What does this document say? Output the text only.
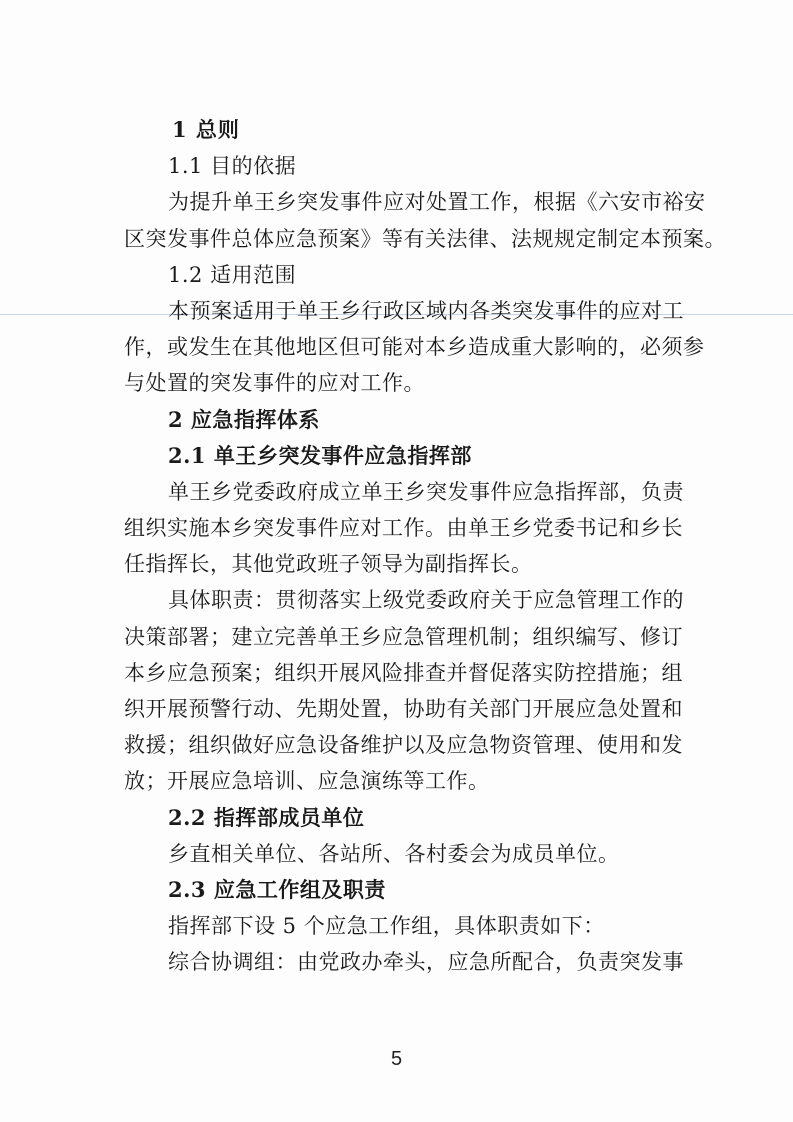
1 总则
1.1 目的依据
为提升单王乡突发事件应对处置工作，根据《六安市裕安
区突发事件总体应急预案》等有关法律、法规规定制定本预案。
1.2 适用范围
本预案适用于单王乡行政区域内各类突发事件的应对工
作，或发生在其他地区但可能对本乡造成重大影响的，必须参
与处置的突发事件的应对工作。
2 应急指挥体系
2.1 单王乡突发事件应急指挥部
单王乡党委政府成立单王乡突发事件应急指挥部，负责
组织实施本乡突发事件应对工作。由单王乡党委书记和乡长
任指挥长，其他党政班子领导为副指挥长。
具体职责：贯彻落实上级党委政府关于应急管理工作的
决策部署；建立完善单王乡应急管理机制；组织编写、修订
本乡应急预案；组织开展风险排查并督促落实防控措施；组
织开展预警行动、先期处置，协助有关部门开展应急处置和
救援；组织做好应急设备维护以及应急物资管理、使用和发
放；开展应急培训、应急演练等工作。
2.2 指挥部成员单位
乡直相关单位、各站所、各村委会为成员单位。
2.3 应急工作组及职责
指挥部下设 5 个应急工作组，具体职责如下：
综合协调组：由党政办牵头，应急所配合，负责突发事
5
